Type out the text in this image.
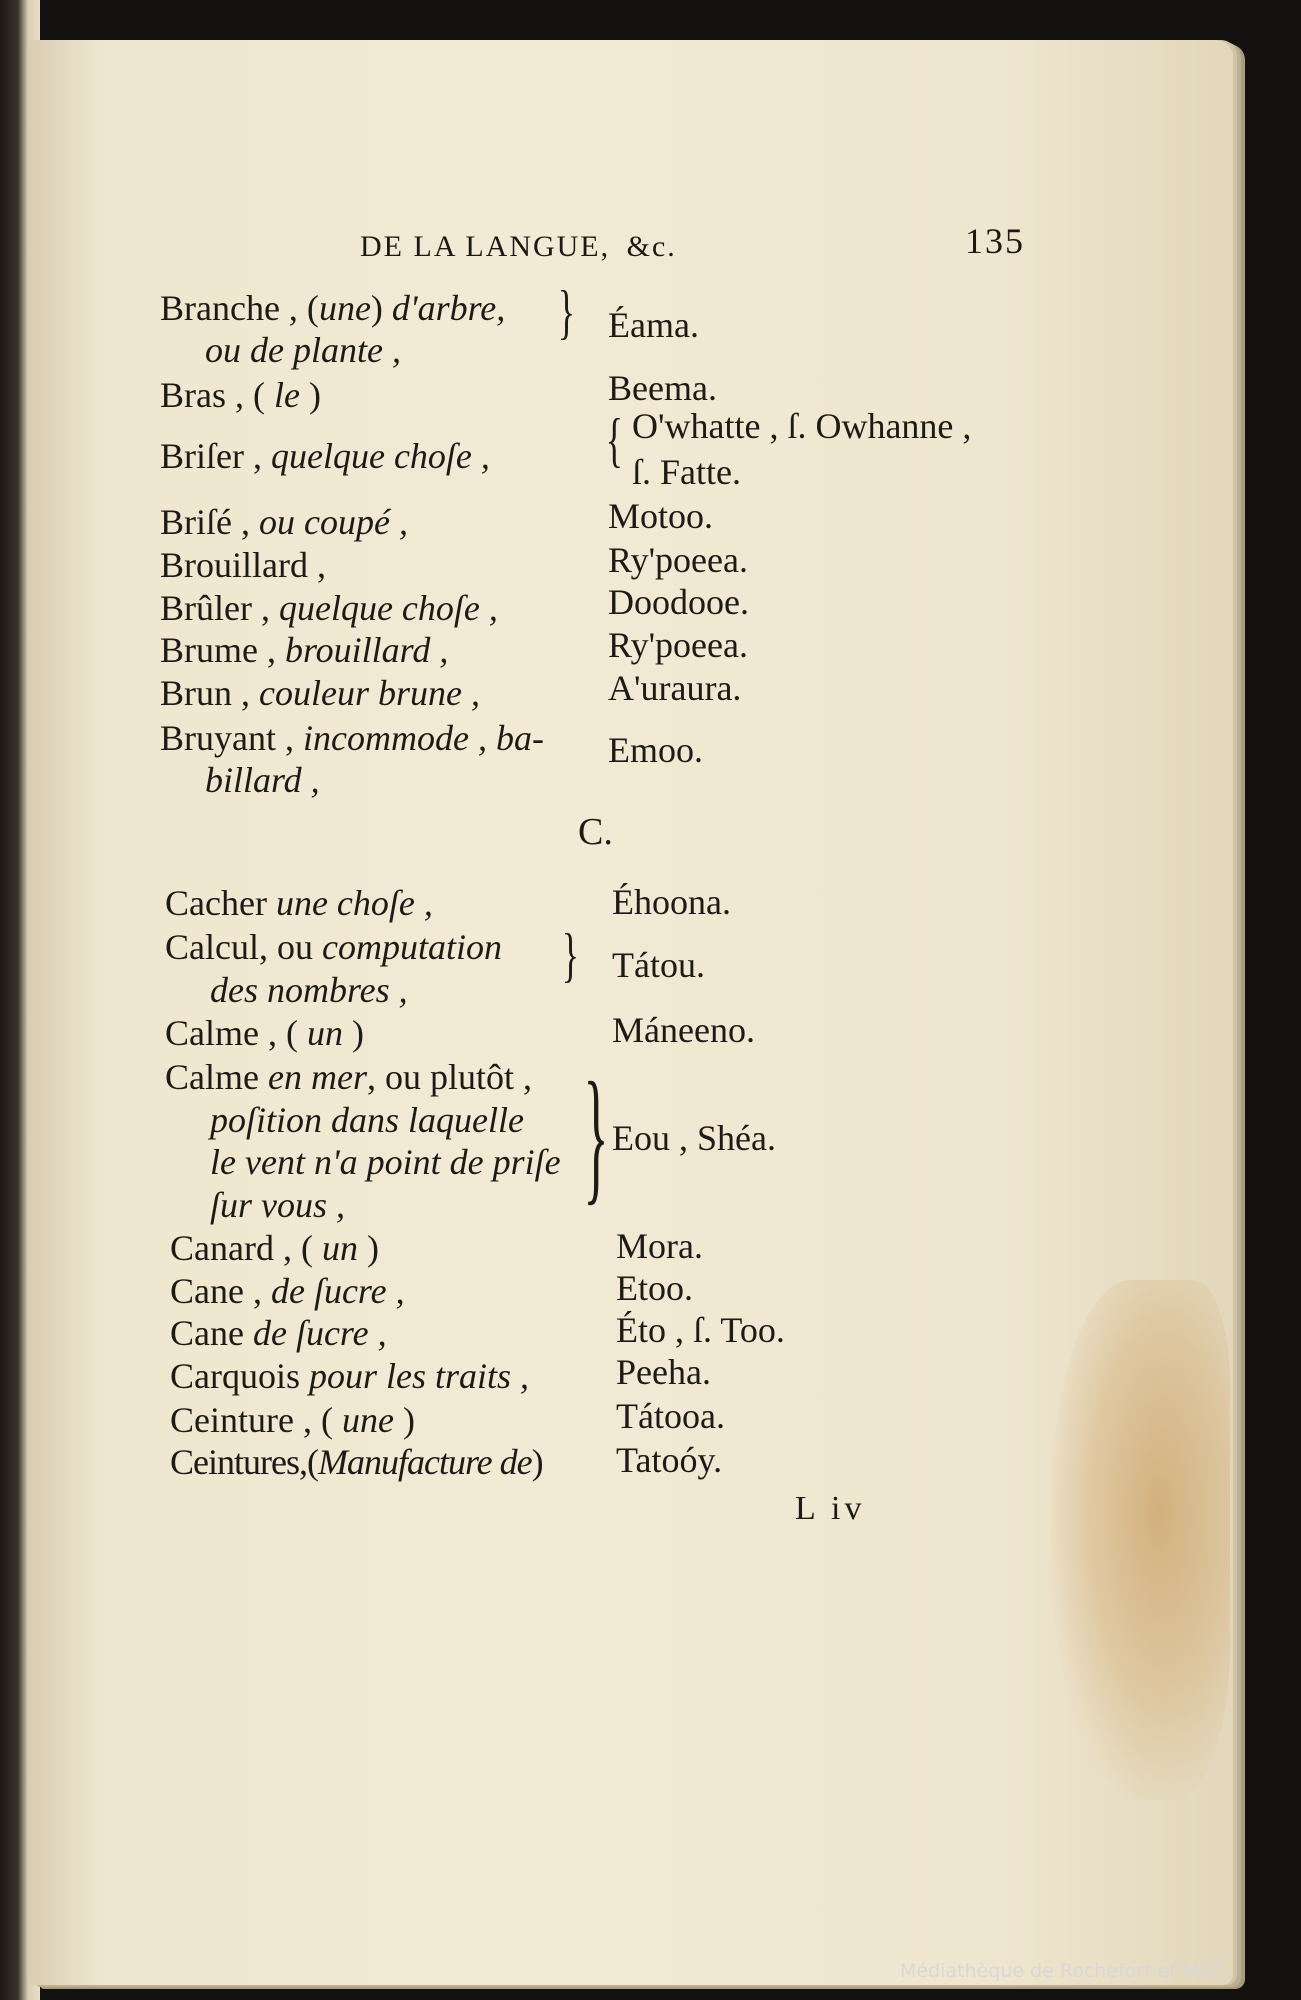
DE LA LANGUE, &c.	135
Branche , (une) d'arbre,
ou de plante ,
} Éama.
Bras , ( le )	Beema.
Briſer , quelque choſe , { O'whatte , ſ. Owhanne ,
ſ. Fatte.
Briſé , ou coupé ,	Motoo.
Brouillard ,	Ry'poeea.
Brûler , quelque choſe ,	Doodooe.
Brume , brouillard ,	Ry'poeea.
Brun , couleur brune ,	A'uraura.
Bruyant , incommode , ba-
billard ,
Emoo.
C.
Cacher une choſe ,	Éhoona.
Calcul, ou computation
des nombres ,
} Tátou.
Calme , ( un )	Máneeno.
Calme en mer, ou plutôt ,
poſition dans laquelle
le vent n'a point de priſe
ſur vous , } Eou , Shéa.
Canard , ( un )	Mora.
Cane , de ſucre ,	Etoo.
Cane de ſucre ,	Éto , ſ. Too.
Carquois pour les traits , Peeha.
Ceinture , ( une )	Tátooa.
Ceintures,(Manufacture de) Tatoóy.
L iv
Médiathèque de Rochefort et MAP
